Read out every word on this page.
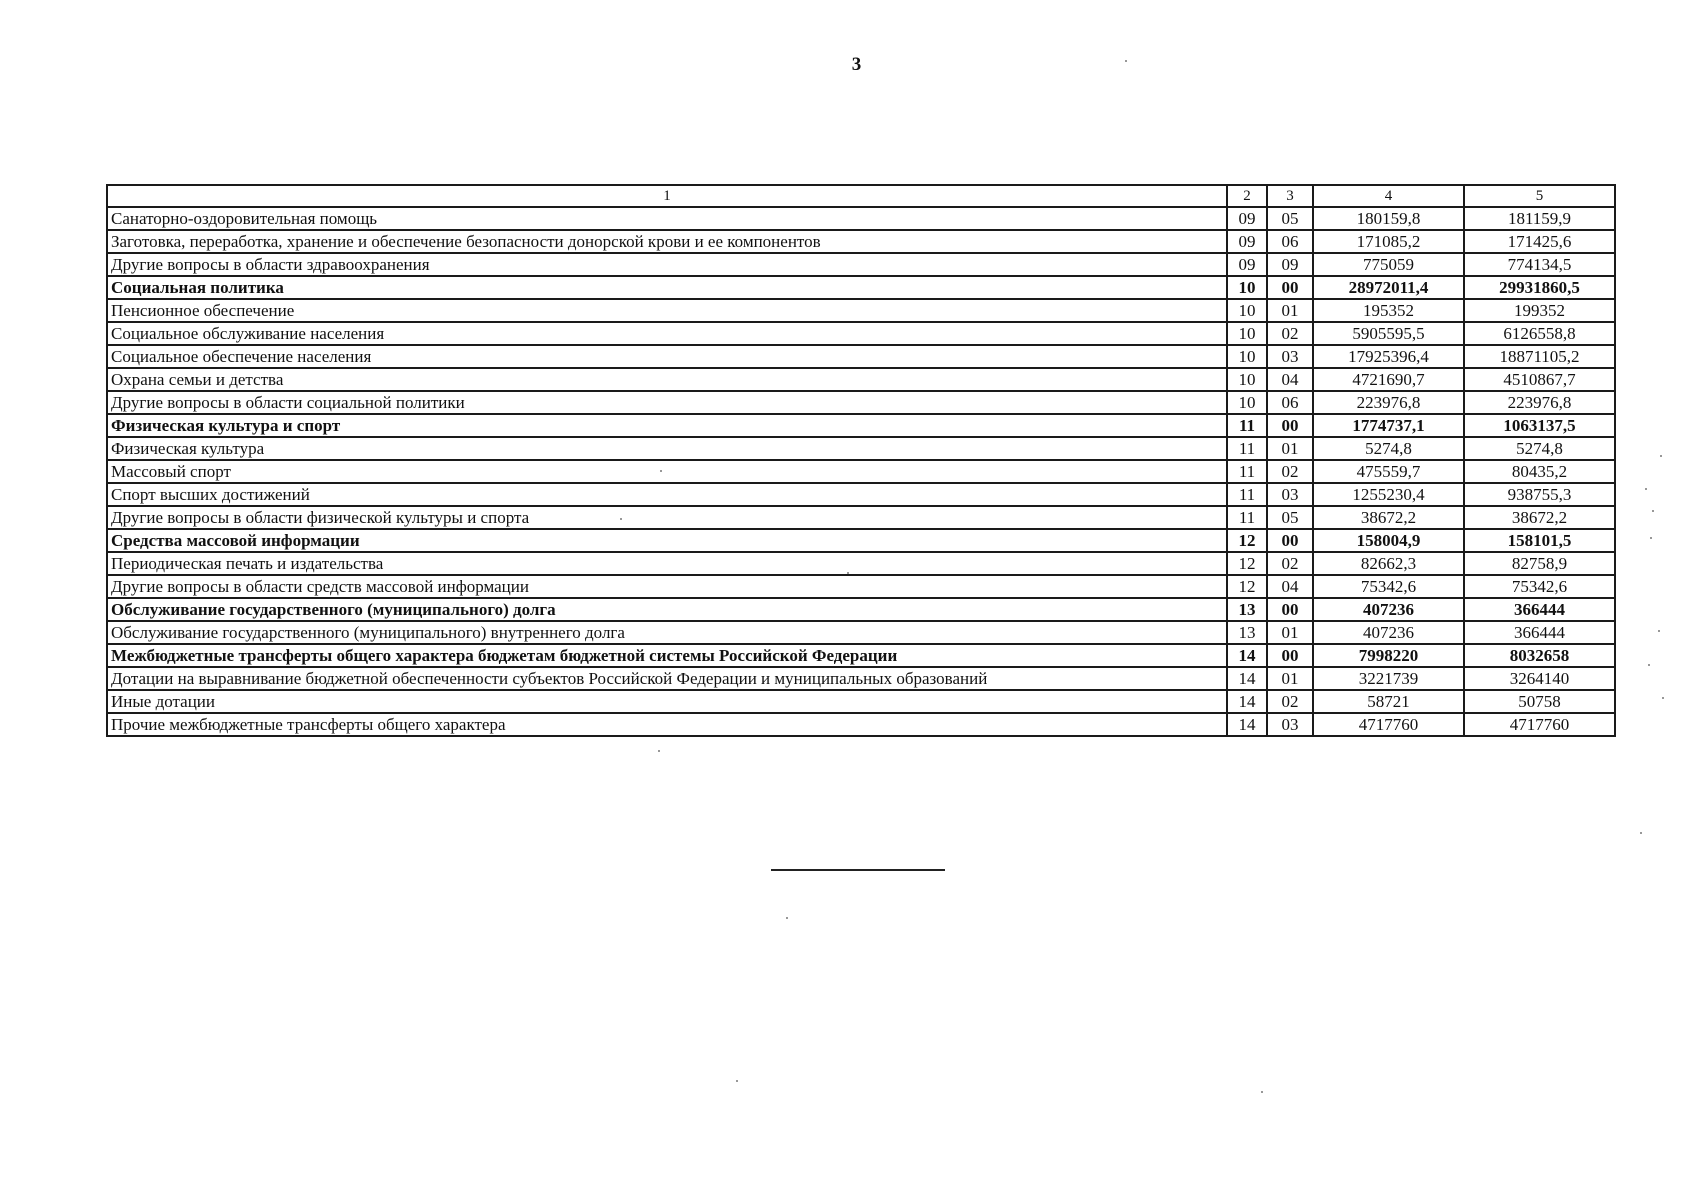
3
1	2	3	4	5
Санаторно-оздоровительная помощь	09	05	180159,8	181159,9
Заготовка, переработка, хранение и обеспечение безопасности донорской крови и ее компонентов	09	06	171085,2	171425,6
Другие вопросы в области здравоохранения	09	09	775059	774134,5
Социальная политика	10	00	28972011,4	29931860,5
Пенсионное обеспечение	10	01	195352	199352
Социальное обслуживание населения	10	02	5905595,5	6126558,8
Социальное обеспечение населения	10	03	17925396,4	18871105,2
Охрана семьи и детства	10	04	4721690,7	4510867,7
Другие вопросы в области социальной политики	10	06	223976,8	223976,8
Физическая культура и спорт	11	00	1774737,1	1063137,5
Физическая культура	11	01	5274,8	5274,8
Массовый спорт	11	02	475559,7	80435,2
Спорт высших достижений	11	03	1255230,4	938755,3
Другие вопросы в области физической культуры и спорта	11	05	38672,2	38672,2
Средства массовой информации	12	00	158004,9	158101,5
Периодическая печать и издательства	12	02	82662,3	82758,9
Другие вопросы в области средств массовой информации	12	04	75342,6	75342,6
Обслуживание государственного (муниципального) долга	13	00	407236	366444
Обслуживание государственного (муниципального) внутреннего долга	13	01	407236	366444
Межбюджетные трансферты общего характера бюджетам бюджетной системы Российской Федерации	14	00	7998220	8032658
Дотации на выравнивание бюджетной обеспеченности субъектов Российской Федерации и муниципальных образований	14	01	3221739	3264140
Иные дотации	14	02	58721	50758
Прочие межбюджетные трансферты общего характера	14	03	4717760	4717760
